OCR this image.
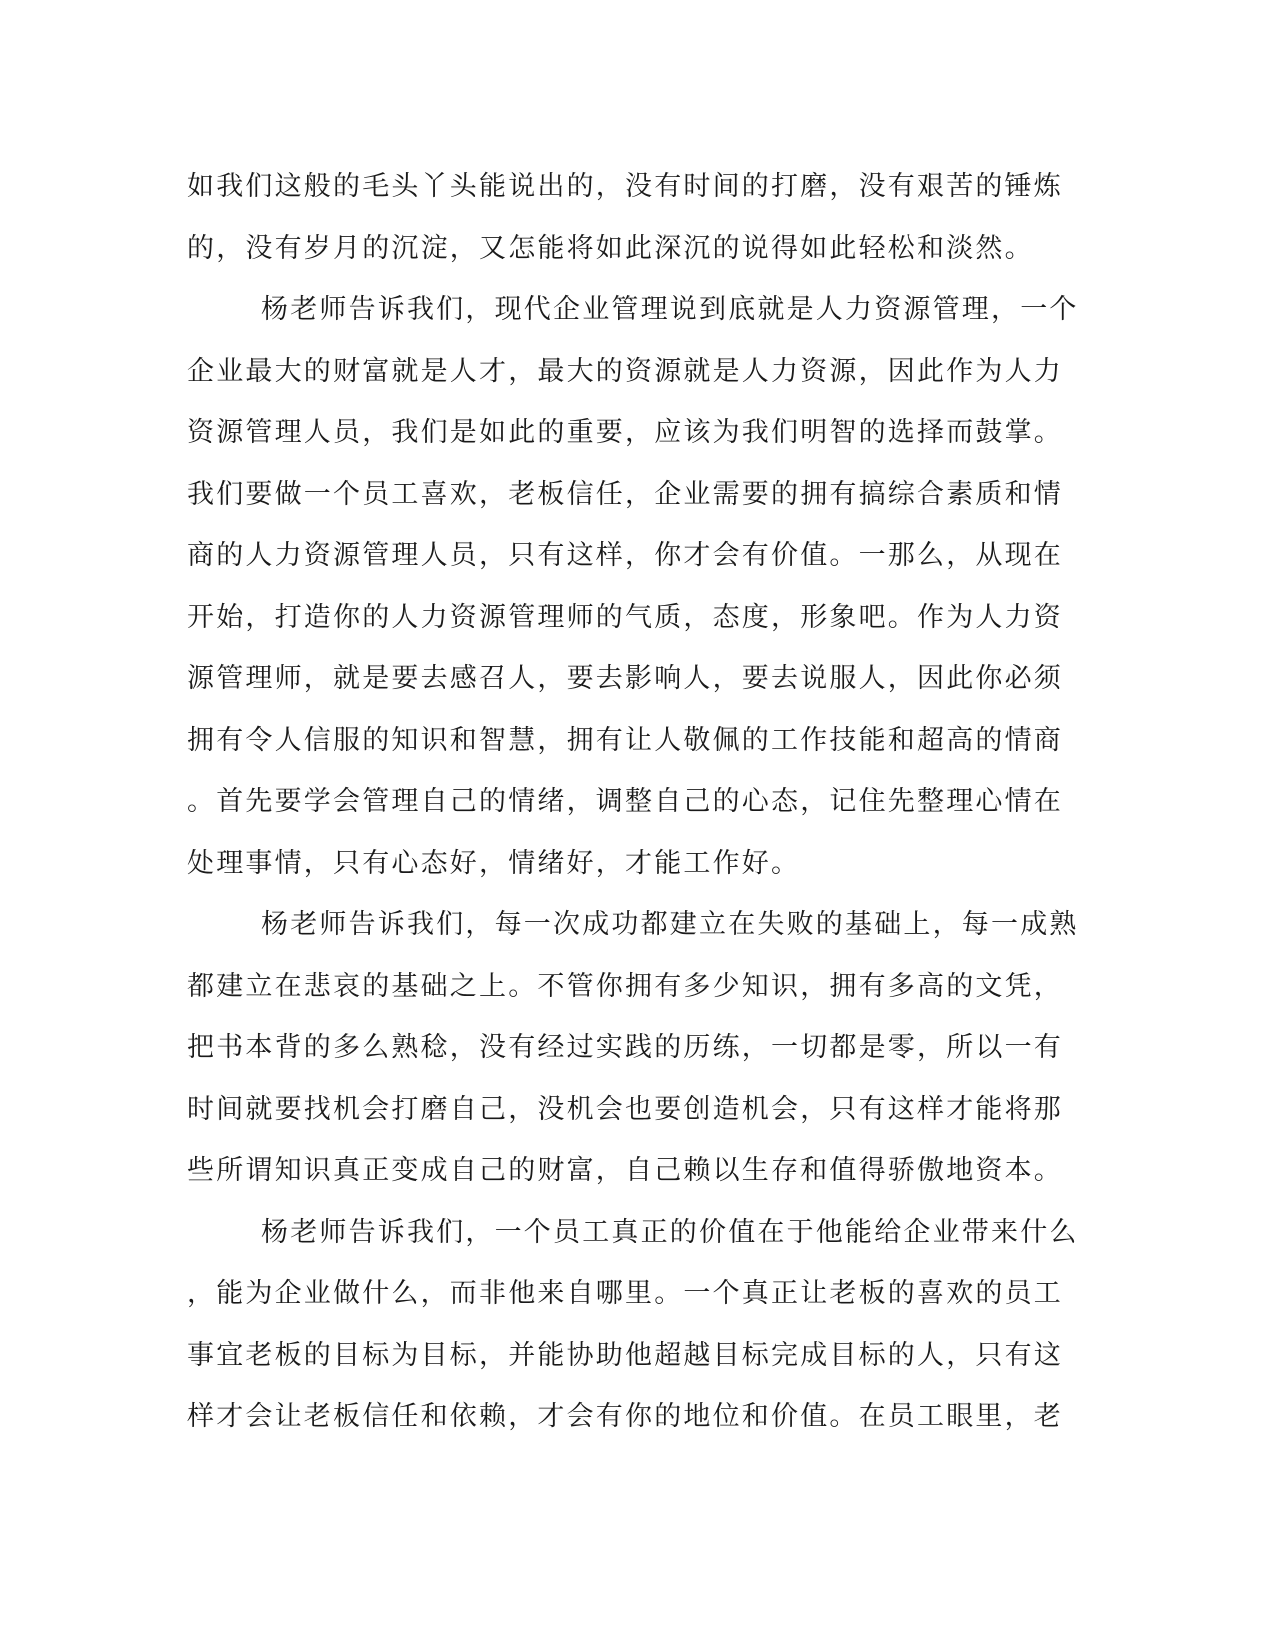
如我们这般的毛头丫头能说出的，没有时间的打磨，没有艰苦的锤炼
的，没有岁月的沉淀，又怎能将如此深沉的说得如此轻松和淡然。

杨老师告诉我们，现代企业管理说到底就是人力资源管理，一个
企业最大的财富就是人才，最大的资源就是人力资源，因此作为人力
资源管理人员，我们是如此的重要，应该为我们明智的选择而鼓掌。
我们要做一个员工喜欢，老板信任，企业需要的拥有搞综合素质和情
商的人力资源管理人员，只有这样，你才会有价值。一那么，从现在
开始，打造你的人力资源管理师的气质，态度，形象吧。作为人力资
源管理师，就是要去感召人，要去影响人，要去说服人，因此你必须
拥有令人信服的知识和智慧，拥有让人敬佩的工作技能和超高的情商
。首先要学会管理自己的情绪，调整自己的心态，记住先整理心情在
处理事情，只有心态好，情绪好，才能工作好。

杨老师告诉我们，每一次成功都建立在失败的基础上，每一成熟
都建立在悲哀的基础之上。不管你拥有多少知识，拥有多高的文凭，
把书本背的多么熟稔，没有经过实践的历练，一切都是零，所以一有
时间就要找机会打磨自己，没机会也要创造机会，只有这样才能将那
些所谓知识真正变成自己的财富，自己赖以生存和值得骄傲地资本。

杨老师告诉我们，一个员工真正的价值在于他能给企业带来什么
，能为企业做什么，而非他来自哪里。一个真正让老板的喜欢的员工
事宜老板的目标为目标，并能协助他超越目标完成目标的人，只有这
样才会让老板信任和依赖，才会有你的地位和价值。在员工眼里，老
